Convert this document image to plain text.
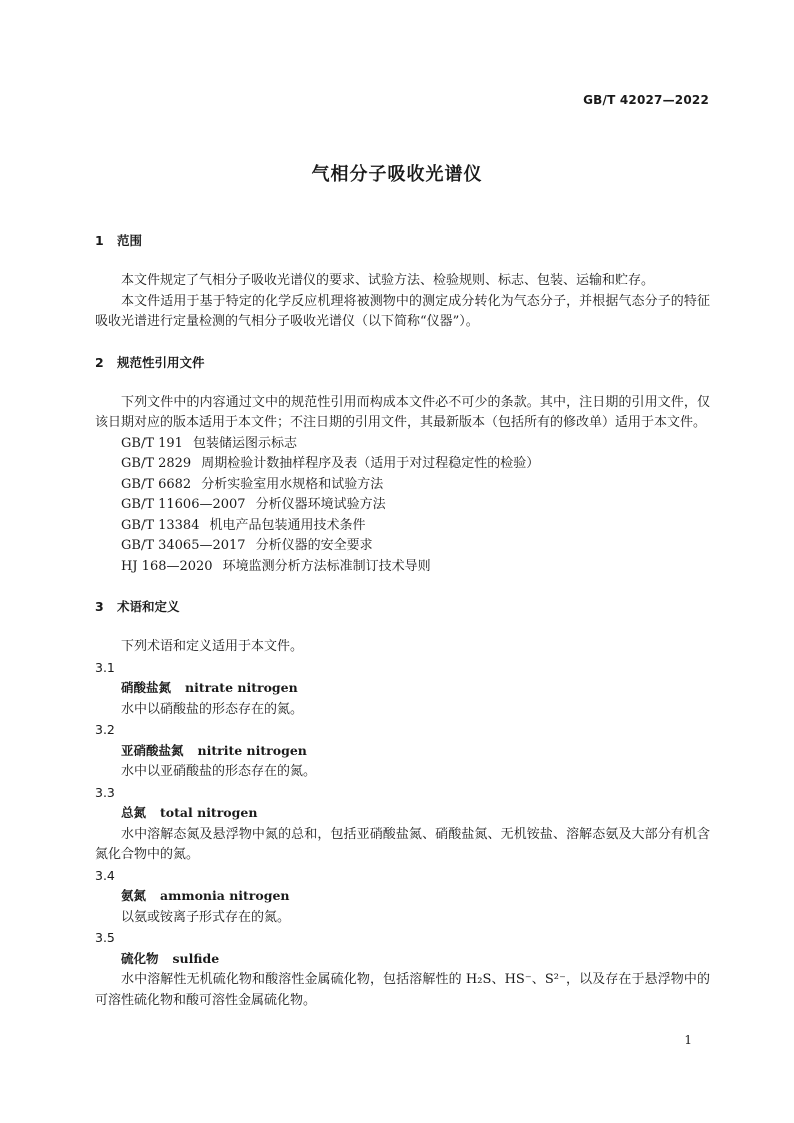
GB/T 42027—2022
气相分子吸收光谱仪
1 范围

本文件规定了气相分子吸收光谱仪的要求、试验方法、检验规则、标志、包装、运输和贮存。

本文件适用于基于特定的化学反应机理将被测物中的测定成分转化为气态分子，并根据气态分子的特征吸收光谱进行定量检测的气相分子吸收光谱仪（以下简称“仪器”）。

2 规范性引用文件

下列文件中的内容通过文中的规范性引用而构成本文件必不可少的条款。其中，注日期的引用文件，仅该日期对应的版本适用于本文件；不注日期的引用文件，其最新版本（包括所有的修改单）适用于本文件。

GB/T 191 包装储运图示标志
GB/T 2829 周期检验计数抽样程序及表（适用于对过程稳定性的检验）
GB/T 6682 分析实验室用水规格和试验方法
GB/T 11606—2007 分析仪器环境试验方法
GB/T 13384 机电产品包装通用技术条件
GB/T 34065—2017 分析仪器的安全要求
HJ 168—2020 环境监测分析方法标准制订技术导则
3 术语和定义

下列术语和定义适用于本文件。

3.1
硝酸盐氮 nitrate nitrogen

水中以硝酸盐的形态存在的氮。

3.2
亚硝酸盐氮 nitrite nitrogen

水中以亚硝酸盐的形态存在的氮。

3.3
总氮 total nitrogen

水中溶解态氮及悬浮物中氮的总和，包括亚硝酸盐氮、硝酸盐氮、无机铵盐、溶解态氨及大部分有机含氮化合物中的氮。

3.4
氨氮 ammonia nitrogen

以氨或铵离子形式存在的氮。

3.5
硫化物 sulfide

水中溶解性无机硫化物和酸溶性金属硫化物，包括溶解性的 H₂S、HS⁻、S²⁻，以及存在于悬浮物中的可溶性硫化物和酸可溶性金属硫化物。

1
